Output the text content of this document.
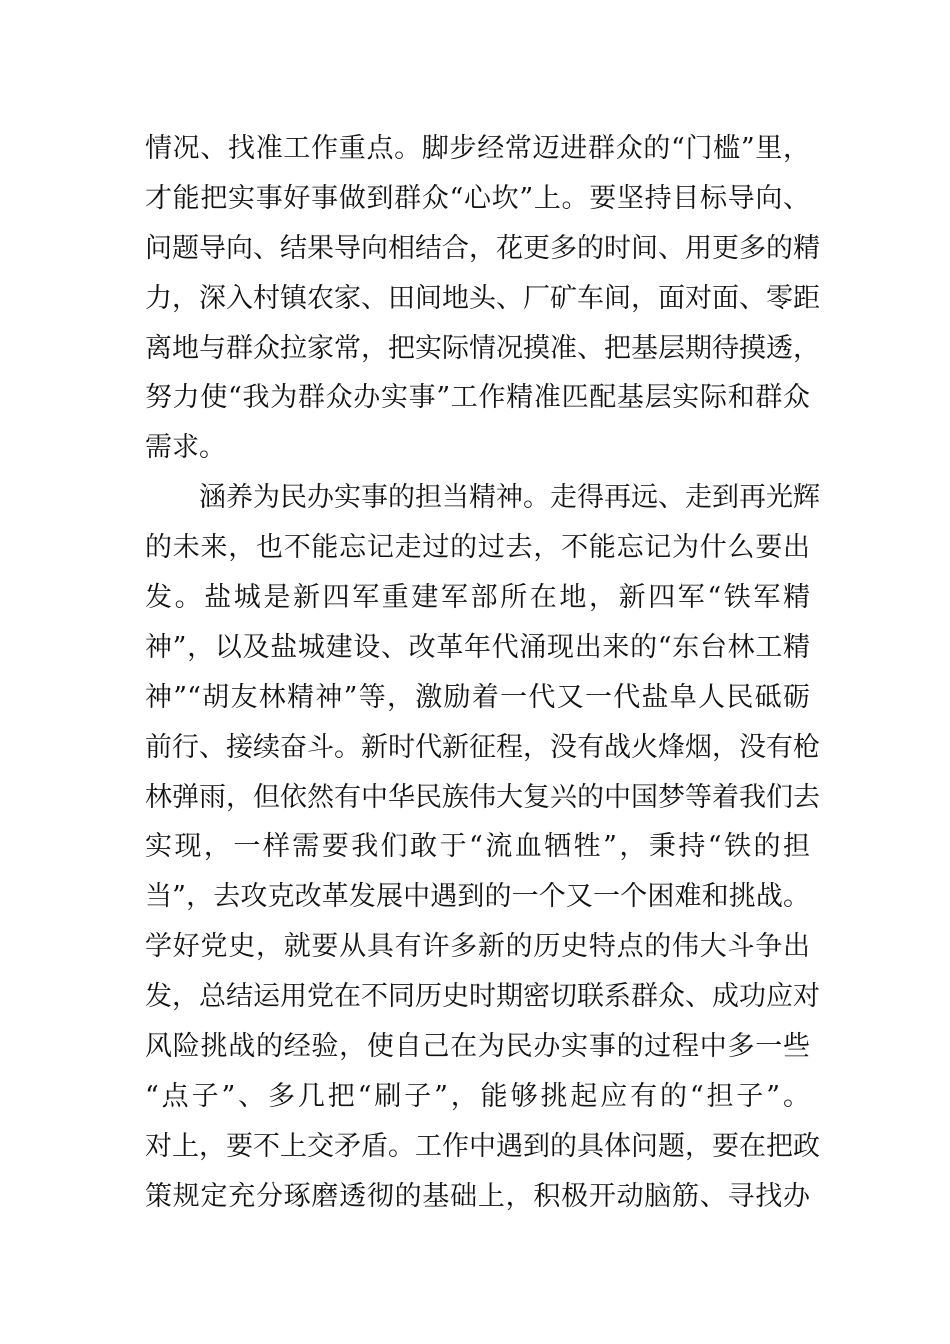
情况、找准工作重点。脚步经常迈进群众的“门槛”里，
才能把实事好事做到群众“心坎”上。要坚持目标导向、
问题导向、结果导向相结合，花更多的时间、用更多的精
力，深入村镇农家、田间地头、厂矿车间，面对面、零距
离地与群众拉家常，把实际情况摸准、把基层期待摸透，
努力使“我为群众办实事”工作精准匹配基层实际和群众
需求。
涵养为民办实事的担当精神。走得再远、走到再光辉
的未来，也不能忘记走过的过去，不能忘记为什么要出
发。盐城是新四军重建军部所在地，新四军“铁军精
神”，以及盐城建设、改革年代涌现出来的“东台林工精
神”“胡友林精神”等，激励着一代又一代盐阜人民砥砺
前行、接续奋斗。新时代新征程，没有战火烽烟，没有枪
林弹雨，但依然有中华民族伟大复兴的中国梦等着我们去
实现，一样需要我们敢于“流血牺牲”，秉持“铁的担
当”，去攻克改革发展中遇到的一个又一个困难和挑战。
学好党史，就要从具有许多新的历史特点的伟大斗争出
发，总结运用党在不同历史时期密切联系群众、成功应对
风险挑战的经验，使自己在为民办实事的过程中多一些
“点子”、多几把“刷子”，能够挑起应有的“担子”。
对上，要不上交矛盾。工作中遇到的具体问题，要在把政
策规定充分琢磨透彻的基础上，积极开动脑筋、寻找办
